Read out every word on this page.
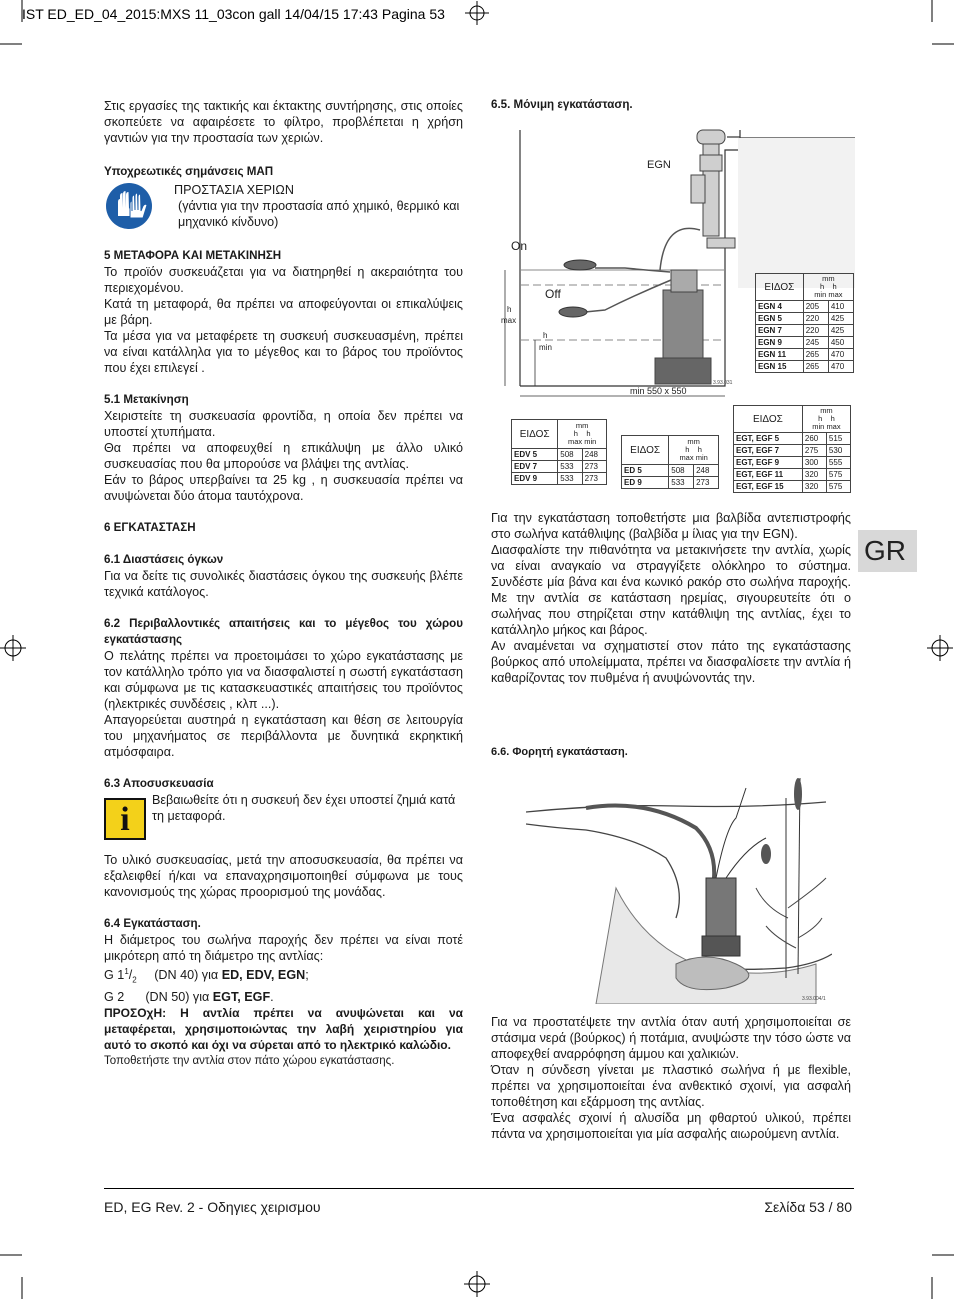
IST ED_ED_04_2015:MXS 11_03con gall 14/04/15 17:43 Pagina 53

Στις εργασίες της τακτικής και έκτακτης συντήρησης, στις οποίες σκοπεύετε να αφαιρέσετε το φίλτρο, προβλέπεται η χρήση γαντιών για την προστασία των χεριών.

Υποχρεωτικές σημάνσεις ΜΑΠ

ΠΡΟΣΤΑΣΙΑ ΧΕΡΙΩΝ
(γάντια για την προστασία από χημικό, θερμικό και μηχανικό κίνδυνο)

5 ΜΕΤΑΦΟΡΑ ΚΑΙ ΜΕΤΑΚΙΝΗΣΗ

Το προϊόν συσκευάζεται για να διατηρηθεί η ακεραιότητα του περιεχομένου.

Κατά τη μεταφορά, θα πρέπει να αποφεύγονται οι επικαλύψεις με βάρη.

Τα μέσα για να μεταφέρετε τη συσκευή συσκευασμένη, πρέπει να είναι κατάλληλα για το μέγεθος και το βάρος του προϊόντος που έχει επιλεγεί .

5.1 Μετακίνηση

Χειριστείτε τη συσκευασία φροντίδα, η οποία δεν πρέπει να υποστεί χτυπήματα.

Θα πρέπει να αποφευχθεί η επικάλυψη με άλλο υλικό συσκευασίας που θα μπορούσε να βλάψει της αντλίας.

Εάν το βάρος υπερβαίνει τα 25 kg , η συσκευασία πρέπει να ανυψώνεται δύο άτομα ταυτόχρονα.

6 ΕΓΚΑΤΑΣΤΑΣΗ

6.1 Διαστάσεις όγκων

Για να δείτε τις συνολικές διαστάσεις όγκου της συσκευής βλέπε τεχνικά κατάλογος.

6.2 Περιβαλλοντικές απαιτήσεις και το μέγεθος του χώρου εγκατάστασης

Ο πελάτης πρέπει να προετοιμάσει το χώρο εγκατάστασης με τον κατάλληλο τρόπο για να διασφαλιστεί η σωστή εγκατάσταση και σύμφωνα με τις κατασκευαστικές απαιτήσεις του προϊόντος (ηλεκτρικές συνδέσεις , κλπ ...).

Απαγορεύεται αυστηρά η εγκατάσταση και θέση σε λειτουργία του μηχανήματος σε περιβάλλοντα με δυνητικά εκρηκτική ατμόσφαιρα.

6.3 Αποσυσκευασία

i
Βεβαιωθείτε ότι η συσκευή δεν έχει υποστεί ζημιά κατά τη μεταφορά.

Το υλικό συσκευασίας, μετά την αποσυσκευασία, θα πρέπει να εξαλειφθεί ή/και να επαναχρησιμοποιηθεί σύμφωνα με τους κανονισμούς της χώρας προορισμού της μονάδας.

6.4 Εγκατάσταση.

Η διάμετρος του σωλήνα παροχής δεν πρέπει να είναι ποτέ μικρότερη από τη διάμετρο της αντλίας:

G $1^1/_2$ (DN 40) για ED, EDV, EGN;

G 2 (DN 50) για EGT, EGF.

ΠΡΟΣΟχΗ: Η αντλία πρέπει να ανυψώνεται και να μεταφέρεται, χρησιμοποιώντας την λαβή χειριστηρίου για αυτό το σκοπό και όχι να σύρεται από το ηλεκτρικό καλώδιο.

Τοποθετήστε την αντλία στον πάτο χώρου εγκατάστασης.

6.5. Μόνιμη εγκατάσταση.
EGN
On
Off
h
max
h
min
min 550 x 550
3.93.031
ΕΙΔΟΣ	mm
h h
min max	
EGN 4	205	410
EGN 5	220	425
EGN 7	220	425
EGN 9	245	450
EGN 11	265	470
EGN 15	265	470
ΕΙΔΟΣ	mm
h h
max min	
EDV 5	508	248
EDV 7	533	273
EDV 9	533	273
ΕΙΔΟΣ	mm
h h
max min	
ED 5	508	248
ED 9	533	273
ΕΙΔΟΣ	mm
h h
min max	
EGT, EGF 5	260	515
EGT, EGF 7	275	530
EGT, EGF 9	300	555
EGT, EGF 11	320	575
EGT, EGF 15	320	575
Για την εγκατάσταση τοποθετήστε μια βαλβίδα αντεπιστροφής στο σωλήνα κατάθλιψης (βαλβίδα μ ίλιας για την EGN).
Διασφαλίστε την πιθανότητα να μετακινήσετε την αντλία, χωρίς να είναι αναγκαίο να στραγγίξετε ολόκληρο το σύστημα. Συνδέστε μία βάνα και ένα κωνικό ρακόρ στο σωλήνα παροχής. Με την αντλία σε κατάσταση ηρεμίας, σιγουρευτείτε ότι ο σωλήνας που στηρίζεται στην κατάθλιψη της αντλίας, έχει το κατάλληλο μήκος και βάρος.
Αν αναμένεται να σχηματιστεί στον πάτο της εγκατάστασης βούρκος από υπολείμματα, πρέπει να διασφαλίσετε την αντλία ή καθαρίζοντας τον πυθμένα ή ανυψώνοντάς την.
6.6. Φορητή εγκατάσταση.
3.93.004/1
Για να προστατέψετε την αντλία όταν αυτή χρησιμοποιείται σε στάσιμα νερά (βούρκος) ή ποτάμια, ανυψώστε την τόσο ώστε να αποφεχθεί αναρρόφηση άμμου και χαλικιών.
Όταν η σύνδεση γίνεται με πλαστικό σωλήνα ή με flexible, πρέπει να χρησιμοποιείται ένα ανθεκτικό σχοινί, για ασφαλή τοποθέτηση και εξάρμοση της αντλίας.
Ένα ασφαλές σχοινί ή αλυσίδα μη φθαρτού υλικού, πρέπει πάντα να χρησιμοποιείται για μία ασφαλής αιωρούμενη αντλία.
GR
ED, EG Rev. 2 - Οδηγιες χειρισμου	Σελίδα 53 / 80
